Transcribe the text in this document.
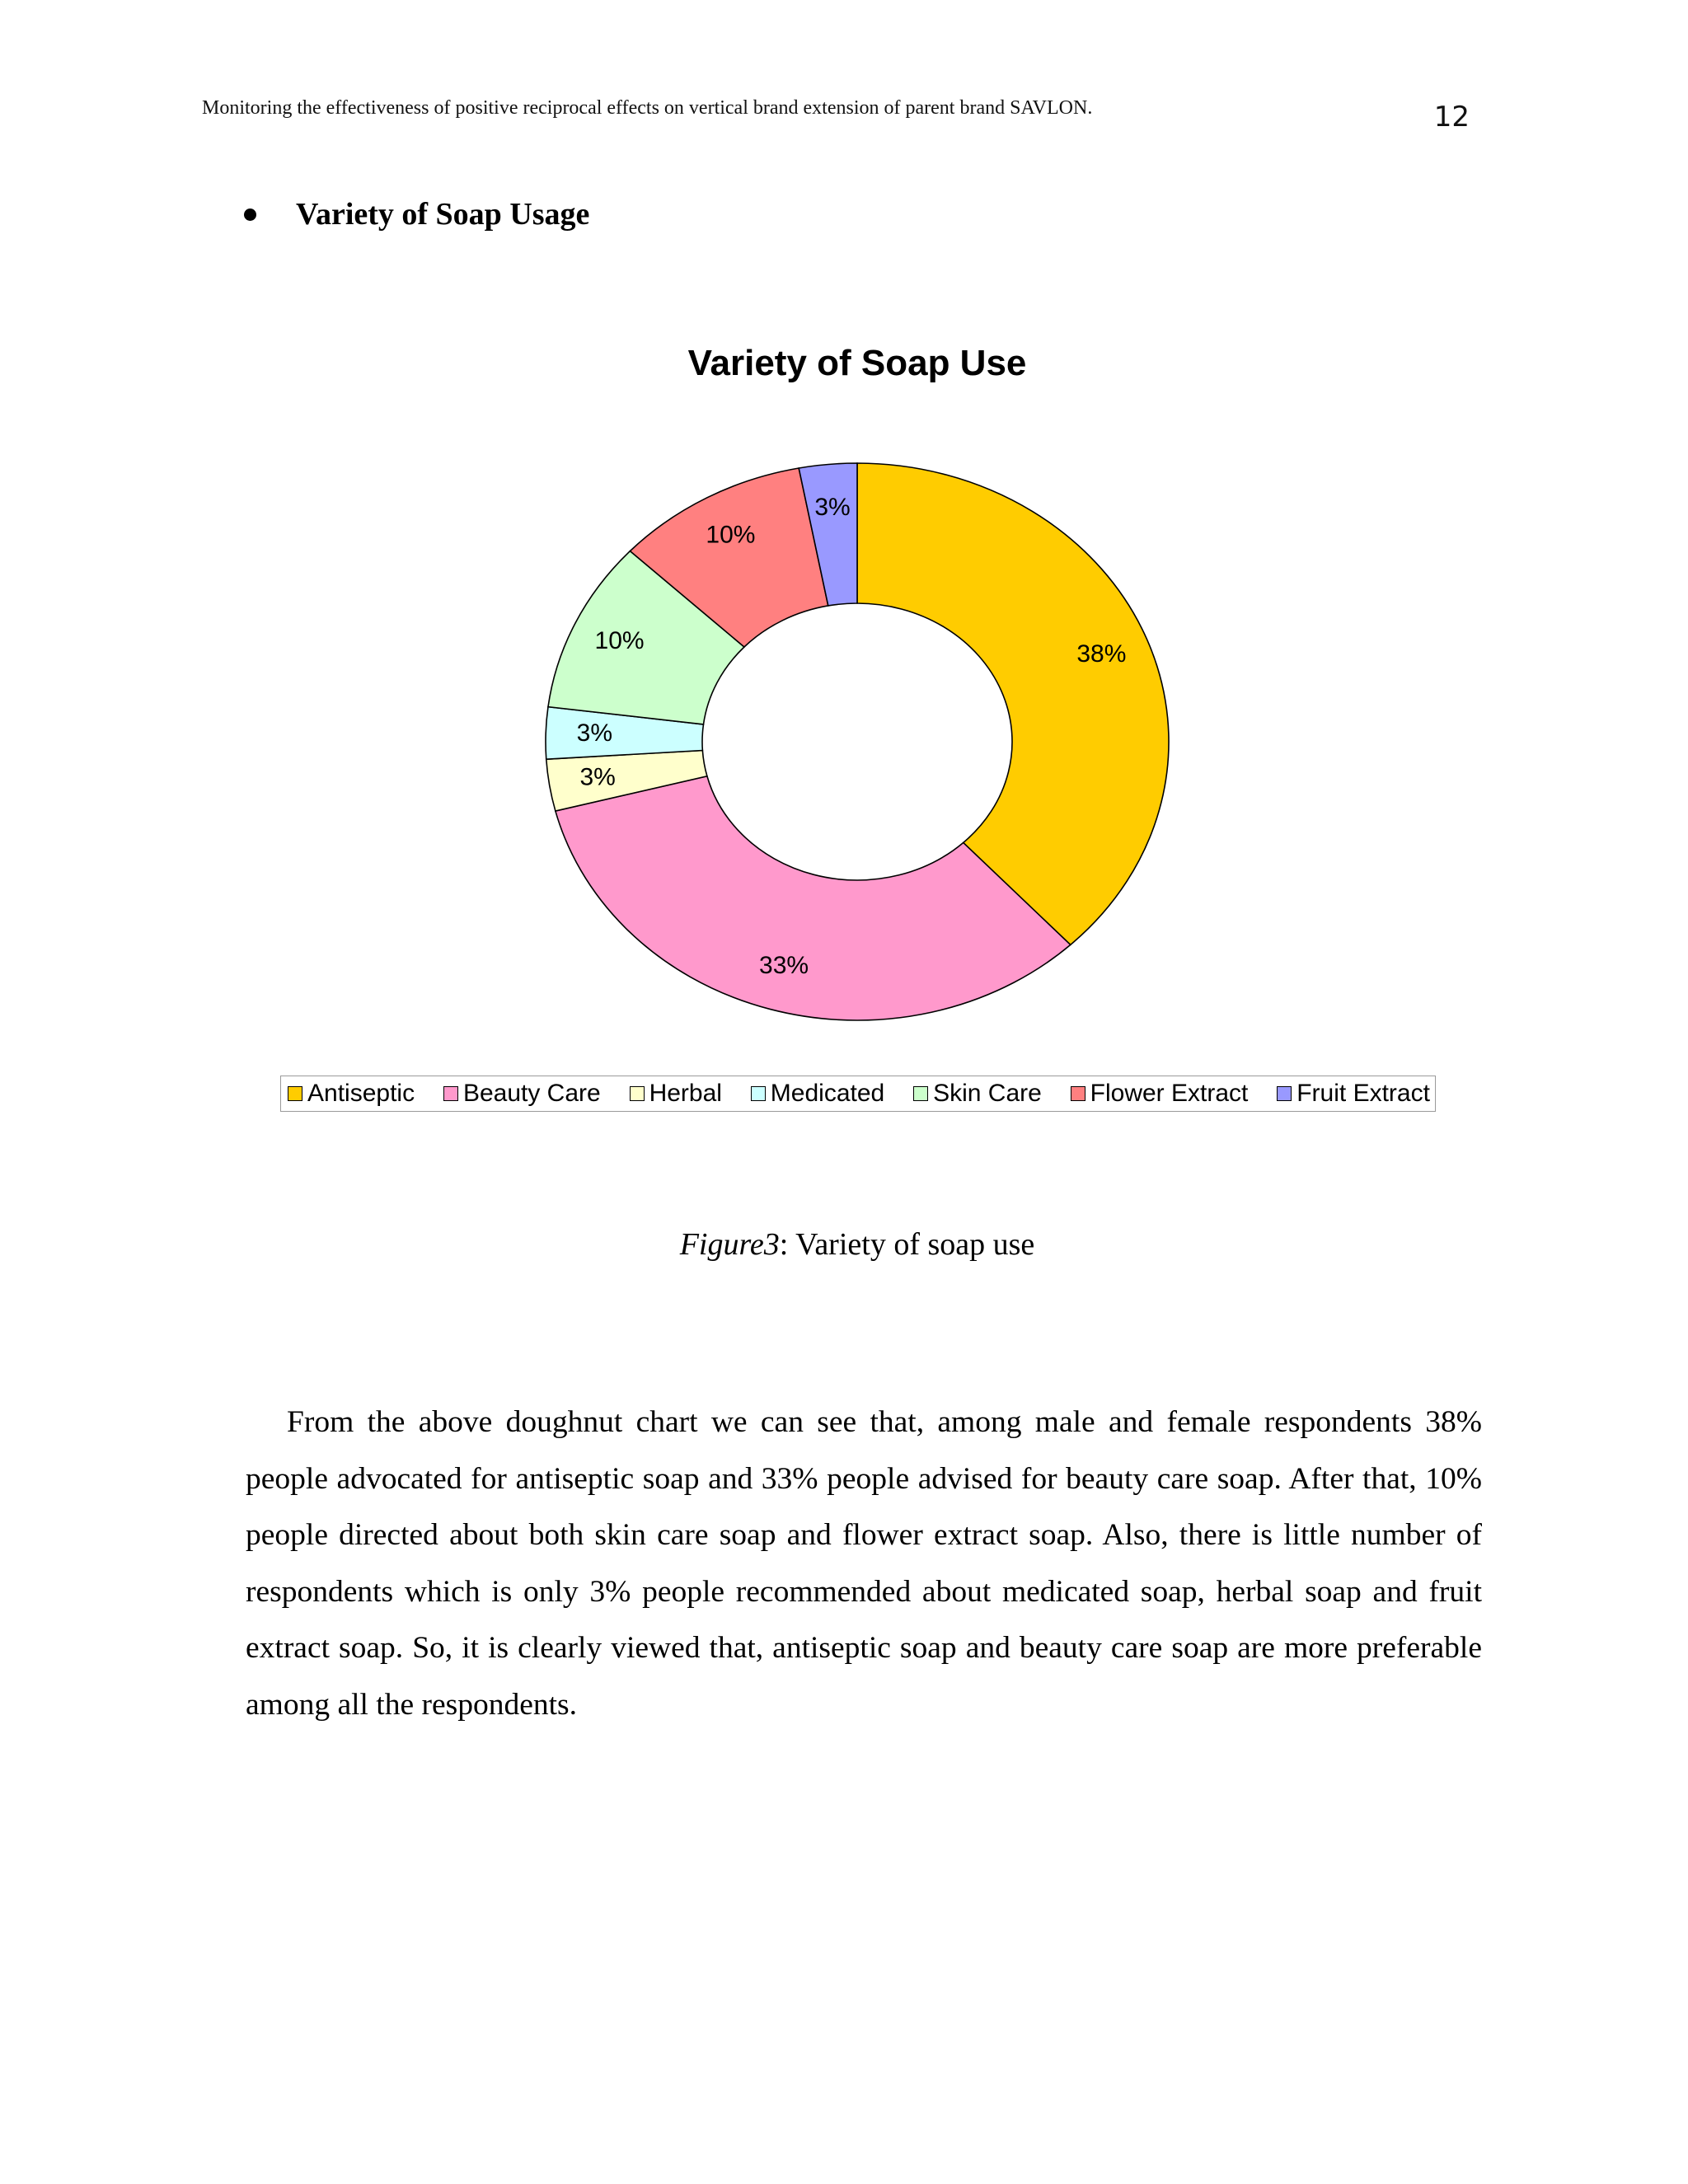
Monitoring the effectiveness of positive reciprocal effects on vertical brand extension of parent brand SAVLON.	12
Variety of Soap Usage
Variety of Soap Use
38%
33%
3%
3%
10%
10%
3%
Antiseptic Beauty Care Herbal Medicated Skin Care Flower Extract Fruit Extract
Figure3: Variety of soap use
From the above doughnut chart we can see that, among male and female respondents 38% people advocated for antiseptic soap and 33% people advised for beauty care soap. After that, 10% people directed about both skin care soap and flower extract soap. Also, there is little number of respondents which is only 3% people recommended about medicated soap, herbal soap and fruit extract soap. So, it is clearly viewed that, antiseptic soap and beauty care soap are more preferable among all the respondents.
